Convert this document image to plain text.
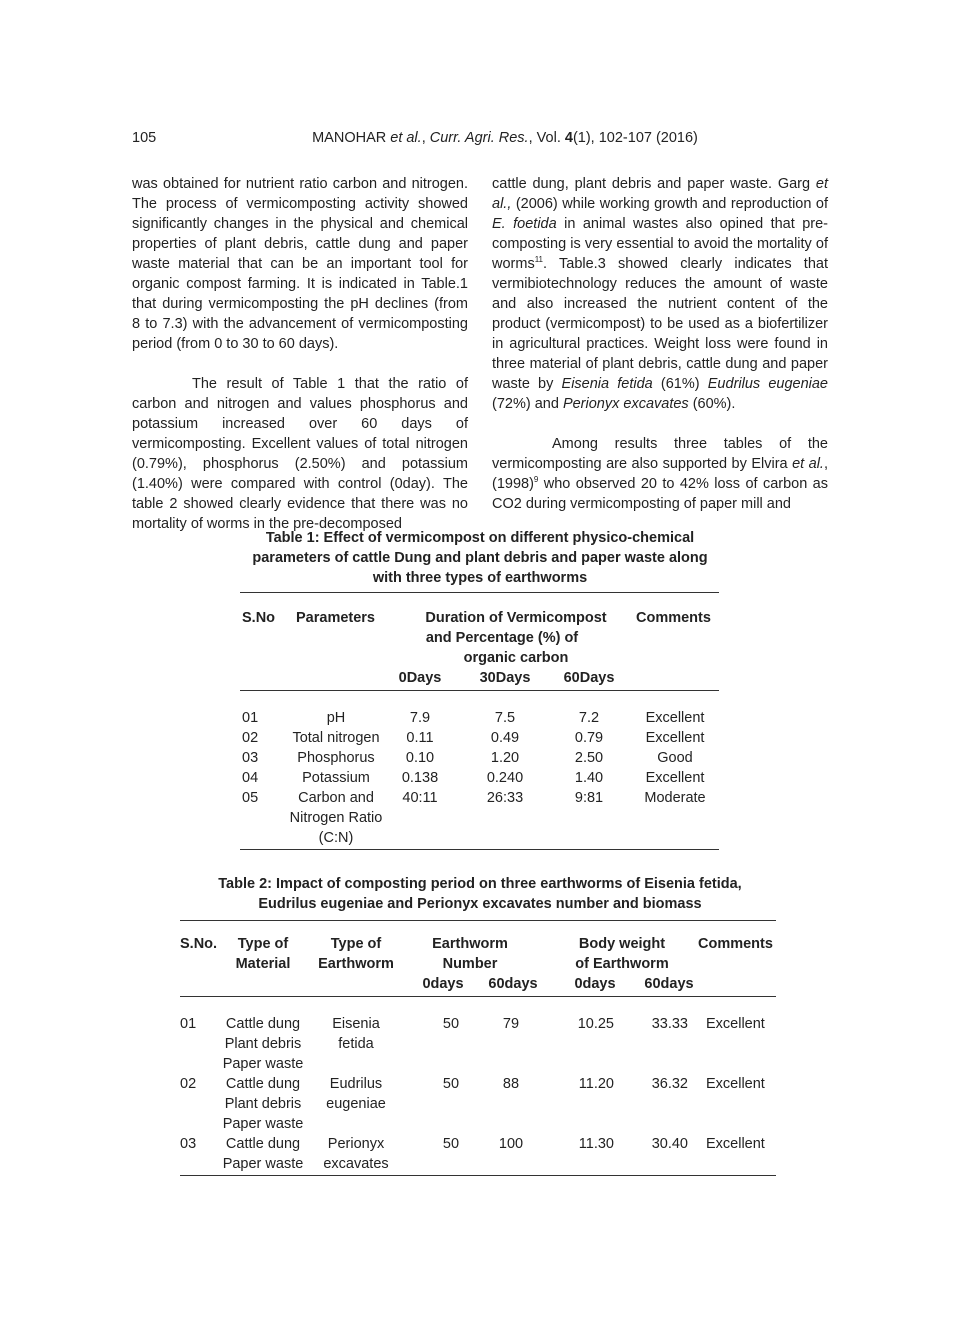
105	MANOHAR et al., Curr. Agri. Res., Vol. 4(1), 102-107 (2016)

was obtained for nutrient ratio carbon and nitrogen. The process of vermicomposting activity showed significantly changes in the physical and chemical properties of plant debris, cattle dung and paper waste material that can be an important tool for organic compost farming. It is indicated in Table.1 that during vermicomposting the pH declines (from 8 to 7.3) with the advancement of vermicomposting period (from 0 to 30 to 60 days).

The result of Table 1 that the ratio of carbon and nitrogen and values phosphorus and potassium increased over 60 days of vermicomposting. Excellent values of total nitrogen (0.79%), phosphorus (2.50%) and potassium (1.40%) were compared with control (0day). The table 2 showed clearly evidence that there was no mortality of worms in the pre-decomposed

cattle dung, plant debris and paper waste. Garg et al., (2006) while working growth and reproduction of E. foetida in animal wastes also opined that pre-composting is very essential to avoid the mortality of worms$^{11}$. Table.3 showed clearly indicates that vermibiotechnology reduces the amount of waste and also increased the nutrient content of the product (vermicompost) to be used as a biofertilizer in agricultural practices. Weight loss were found in three material of plant debris, cattle dung and paper waste by Eisenia fetida (61%) Eudrilus eugeniae (72%) and Perionyx excavates (60%).

Among results three tables of the vermicomposting are also supported by Elvira et al., $(1998)^9$ who observed 20 to 42% loss of carbon as CO2 during vermicomposting of paper mill and

Table 1: Effect of vermicompost on different physico-chemical
parameters of cattle Dung and plant debris and paper waste along
with three types of earthworms
S.No Parameters	Duration of Vermicompost
and Percentage (%) of
organic carbon
Comments
0Days	30Days	60Days
01	pH	7.9	7.5	7.2	Excellent
02	Total nitrogen	0.11	0.49	0.79	Excellent
03	Phosphorus	0.10	1.20	2.50	Good
04	Potassium	0.138	0.240	1.40	Excellent
05	Carbon and
Nitrogen Ratio
(C:N)
40:11	26:33	9:81	Moderate
Table 2: Impact of composting period on three earthworms of Eisenia fetida,
Eudrilus eugeniae and Perionyx excavates number and biomass
S.No.	Type of
Material
Type of
Earthworm
Earthworm
Number
Body weight
of Earthworm
Comments
0days	60days	0days	60days
01	Cattle dung
Plant debris
Paper waste
Eisenia
fetida
50	79	10.25	33.33 Excellent
02	Cattle dung
Plant debris
Paper waste
Eudrilus
eugeniae
50	88	11.20	36.32 Excellent
03	Cattle dung
Paper waste
Perionyx
excavates
50	100	11.30	30.40 Excellent
